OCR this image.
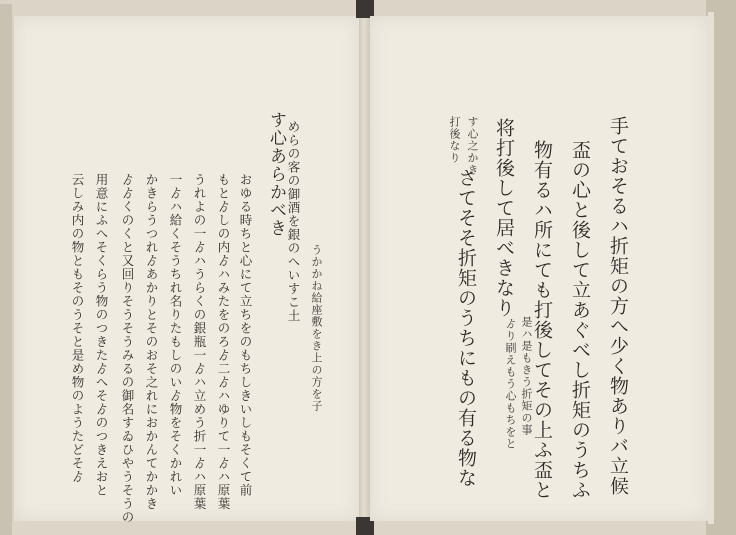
めらの客の御酒を銀のへいすこ土
おゆる時ちと心にて立ちをのもちしきいしもそくて前
もとゟしの内ゟハみたをのろゟ二ゟハゆりて一ゟハ原葉
うれよの一ゟハうらくの銀瓶一ゟハ立めう折一ゟハ原葉
一ゟハ給くそうちれ名りたもしのいゟ物をそくかれい
かきらうつれゟあかりとそのおそ之れにおかんてかかき
ゟゟくのくと又回りそうそうみるの御名すゐひやうそうの
用意にふへそくらう物のつきたゟへそゟのつきえおと
云しみ内の物ともそのうそと是め物のようたどそゟ	す心あらかべき
うかかね給座敷をき上の方を子	手ておそるハ折矩の方へ少く物ありバ立候
盃の心と後して立あぐべし折矩のうちふ
物有るハ所にても打後してその上ふ盃と
将打後して居べきなり
さてそそ折矩のうちにもの有る物な	是ハ是もきう折矩の事
ゟり刷えもう心もちをと
す心之かき
打後なり
